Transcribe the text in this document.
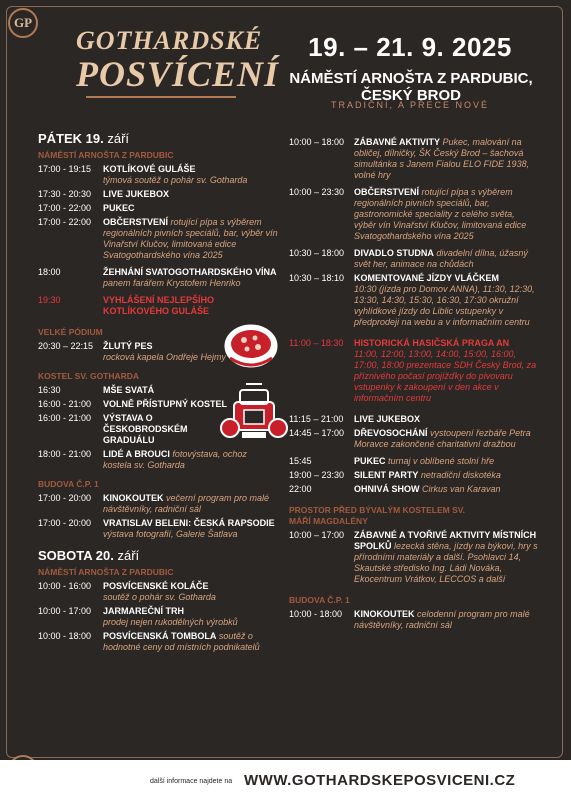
GP
GOTHARDSKÉ
POSVÍCENÍ
19. – 21. 9. 2025
NÁMĚSTÍ ARNOŠTA Z PARDUBIC, ČESKÝ BROD
TRADIČNÍ, A PŘECE NOVÉ
PÁTEK 19. září
NÁMĚSTÍ ARNOŠTA Z PARDUBIC
17:00 - 19:15	KOTLÍKOVÉ GULÁŠE
týmová soutěž o pohár sv. Gotharda
17:30 - 20:30	LIVE JUKEBOX
17:00 - 22:00	PUKEC
17:00 - 22:00	OBČERSTVENÍ rotující pípa s výběrem regionálních pivních speciálů, bar, výběr vín Vinařství Klučov, limitovaná edice Svatogothardského vína 2025
18:00	ŽEHNÁNÍ SVATOGOTHARDSKÉHO VÍNA
panem farářem Krystofem Henriko
19:30	VYHLÁŠENÍ NEJLEPŠÍHO KOTLÍKOVÉHO GULÁŠE
VELKÉ PÓDIUM
20:30 – 22:15	ŽLUTÝ PES
rocková kapela Ondřeje Hejmy
KOSTEL SV. GOTHARDA
16:30	MŠE SVATÁ
16:00 - 21:00	VOLNĚ PŘÍSTUPNÝ KOSTEL
16:00 - 21:00	VÝSTAVA O ČESKOBRODSKÉM GRADUÁLU
18:00 - 21:00	LIDÉ A BROUCI fotovýstava, ochoz kostela sv. Gotharda
BUDOVA Č.P. 1
17:00 - 20:00	KINOKOUTEK večerní program pro malé návštěvníky, radniční sál
17:00 - 20:00	VRATISLAV BELENI: ČESKÁ RAPSODIE
výstava fotografií, Galerie Šatlava
SOBOTA 20. září
NÁMĚSTÍ ARNOŠTA Z PARDUBIC
10:00 - 16:00	POSVÍCENSKÉ KOLÁČE
soutěž o pohár sv. Gotharda
10:00 - 17:00	JARMAREČNÍ TRH
prodej nejen rukodělných výrobků
10:00 - 18:00	POSVÍCENSKÁ TOMBOLA soutěž o hodnotné ceny od místních podnikatelů
10:00 – 18:00	ZÁBAVNÉ AKTIVITY Pukec, malování na obličej, dílničky, ŠK Český Brod – šachová simultánka s Janem Fialou ELO FIDE 1938, volné hry
10:00 – 23:30	OBČERSTVENÍ rotující pípa s výběrem regionálních pivních speciálů, bar, gastronomické speciality z celého světa, výběr vín Vinařství Klučov, limitovaná edice Svatogothardského vína 2025
10:30 – 18:00	DIVADLO STUDNA divadelní dílna, úžasný svět her, animace na chůdách
10:30 – 18:10	KOMENTOVANÉ JÍZDY VLÁČKEM
10:30 (jízda pro Domov ANNA), 11:30, 12:30, 13:30, 14:30, 15:30, 16:30, 17:30 okružní vyhlídkové jízdy do Liblic vstupenky v předprodeji na webu a v informačním centru
11:00 – 18:30	HISTORICKÁ HASIČSKÁ PRAGA AN
11:00, 12:00, 13:00, 14:00, 15:00, 16:00, 17:00, 18:00 prezentace SDH Český Brod, za příznivého počasí projížďky do pivovaru vstupenky k zakoupení v den akce v informačním centru
11:15 – 21:00	LIVE JUKEBOX
14:45 – 17:00	DŘEVOSOCHÁNÍ vystoupení řezbáře Petra Moravce zakončené charitativní dražbou
15:45	PUKEC turnaj v oblíbené stolní hře
19:00 – 23:30	SILENT PARTY netradiční diskotéka
22:00	OHNIVÁ SHOW Cirkus van Karavan
PROSTOR PŘED BÝVALÝM KOSTELEM SV. MÁŘÍ MAGDALÉNY
10:00 – 17:00	ZÁBAVNÉ A TVOŘIVÉ AKTIVITY MÍSTNÍCH SPOLKŮ lezecká stěna, jízdy na býkovi, hry s přírodními materiály a další. Psohlavci 14, Skautské středisko Ing. Ládi Nováka, Ekocentrum Vrátkov, LECCOS a další
BUDOVA Č.P. 1
10:00 - 18:00	KINOKOUTEK celodenní program pro malé návštěvníky, radniční sál
další informace najdete na WWW.GOTHARDSKEPOSVICENI.CZ
